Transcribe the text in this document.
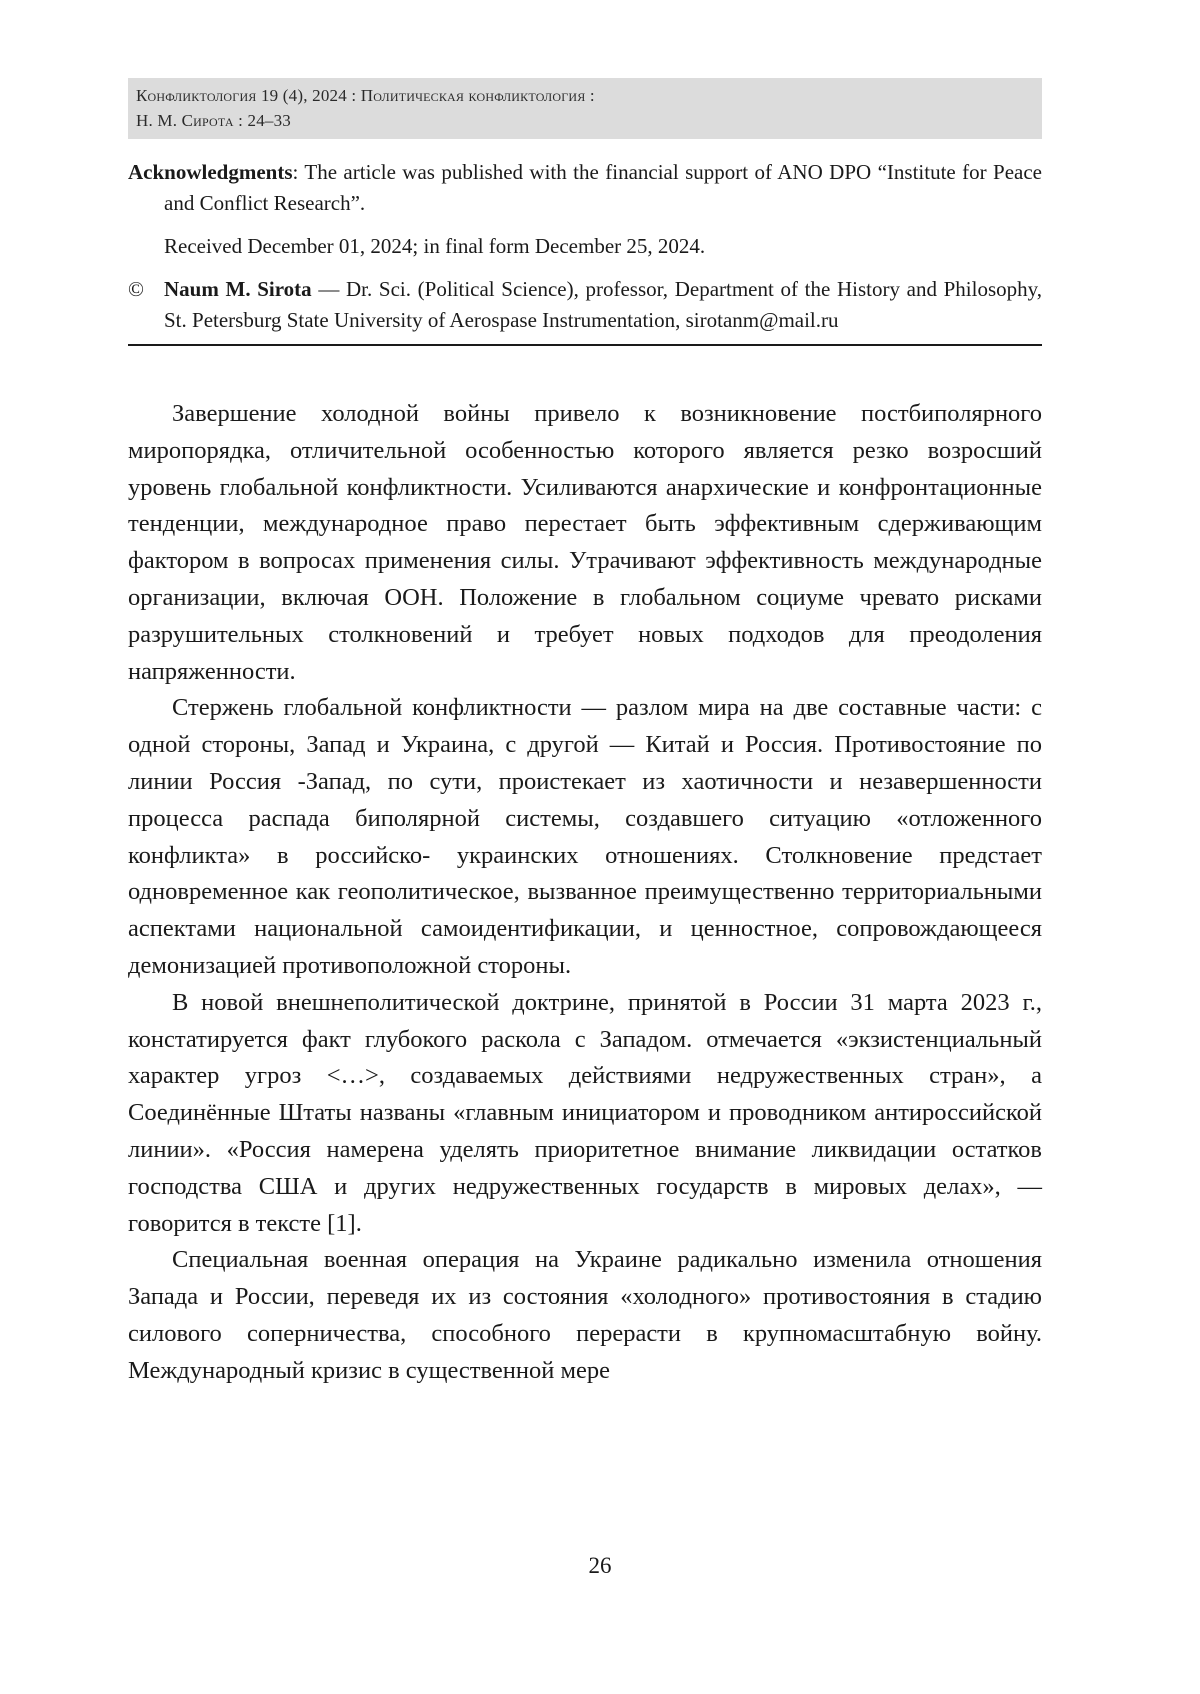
Конфликтология 19 (4), 2024 : Политическая конфликтология :
Н. М. Сирота : 24–33

Acknowledgments: The article was published with the financial support of ANO DPO “Institute for Peace and Conflict Research”.

Received December 01, 2024; in final form December 25, 2024.

© Naum M. Sirota — Dr. Sci. (Political Science), professor, Department of the History and Philosophy, St. Petersburg State University of Aerospase Instrumentation, sirotanm@mail.ru

Завершение холодной войны привело к возникновение постбиполярного миропорядка, отличительной особенностью которого является резко возросший уровень глобальной конфликтности. Усиливаются анархические и конфронтационные тенденции, международное право перестает быть эффективным сдерживающим фактором в вопросах применения силы. Утрачивают эффективность международные организации, включая ООН. Положение в глобальном социуме чревато рисками разрушительных столкновений и требует новых подходов для преодоления напряженности.

Стержень глобальной конфликтности — разлом мира на две составные части: с одной стороны, Запад и Украина, с другой — Китай и Россия. Противостояние по линии Россия -Запад, по сути, проистекает из хаотичности и незавершенности процесса распада биполярной системы, создавшего ситуацию «отложенного конфликта» в российско- украинских отношениях. Столкновение предстает одновременное как геополитическое, вызванное преимущественно территориальными аспектами национальной самоидентификации, и ценностное, сопровождающееся демонизацией противоположной стороны.

В новой внешнеполитической доктрине, принятой в России 31 марта 2023 г., констатируется факт глубокого раскола с Западом. отмечается «экзистенциальный характер угроз <…>, создаваемых действиями недружественных стран», а Соединённые Штаты названы «главным инициатором и проводником антироссийской линии». «Россия намерена уделять приоритетное внимание ликвидации остатков господства США и других недружественных государств в мировых делах», — говорится в тексте [1].

Специальная военная операция на Украине радикально изменила отношения Запада и России, переведя их из состояния «холодного» противостояния в стадию силового соперничества, способного перерасти в крупномасштабную войну. Международный кризис в существенной мере

26
